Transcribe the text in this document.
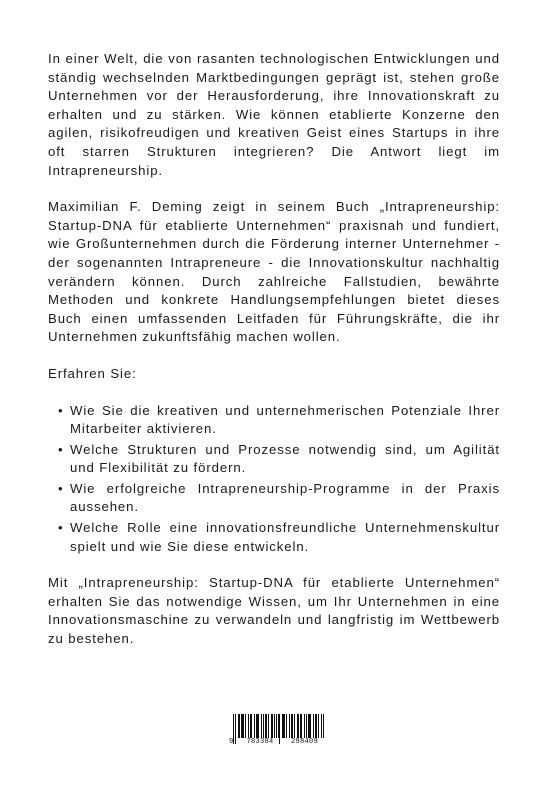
In einer Welt, die von rasanten technologischen Entwicklungen und ständig wechselnden Marktbedingungen geprägt ist, stehen große Unternehmen vor der Herausforderung, ihre Innovationskraft zu erhalten und zu stärken. Wie können etablierte Konzerne den agilen, risikofreudigen und kreativen Geist eines Startups in ihre oft starren Strukturen integrieren? Die Antwort liegt im Intrapreneurship.

Maximilian F. Deming zeigt in seinem Buch „Intrapreneurship: Startup-DNA für etablierte Unternehmen“ praxisnah und fundiert, wie Großunternehmen durch die Förderung interner Unternehmer - der sogenannten Intrapreneure - die Innovationskultur nachhaltig verändern können. Durch zahlreiche Fallstudien, bewährte Methoden und konkrete Handlungsempfehlungen bietet dieses Buch einen umfassenden Leitfaden für Führungskräfte, die ihr Unternehmen zukunftsfähig machen wollen.

Erfahren Sie:

• Wie Sie die kreativen und unternehmerischen Potenziale Ihrer Mitarbeiter aktivieren.
• Welche Strukturen und Prozesse notwendig sind, um Agilität und Flexibilität zu fördern.
• Wie erfolgreiche Intrapreneurship-Programme in der Praxis aussehen.
• Welche Rolle eine innovationsfreundliche Unternehmenskultur spielt und wie Sie diese entwickeln.

Mit „Intrapreneurship: Startup-DNA für etablierte Unternehmen“ erhalten Sie das notwendige Wissen, um Ihr Unternehmen in eine Innovationsmaschine zu verwandeln und langfristig im Wettbewerb zu bestehen.

9	783384	298409
